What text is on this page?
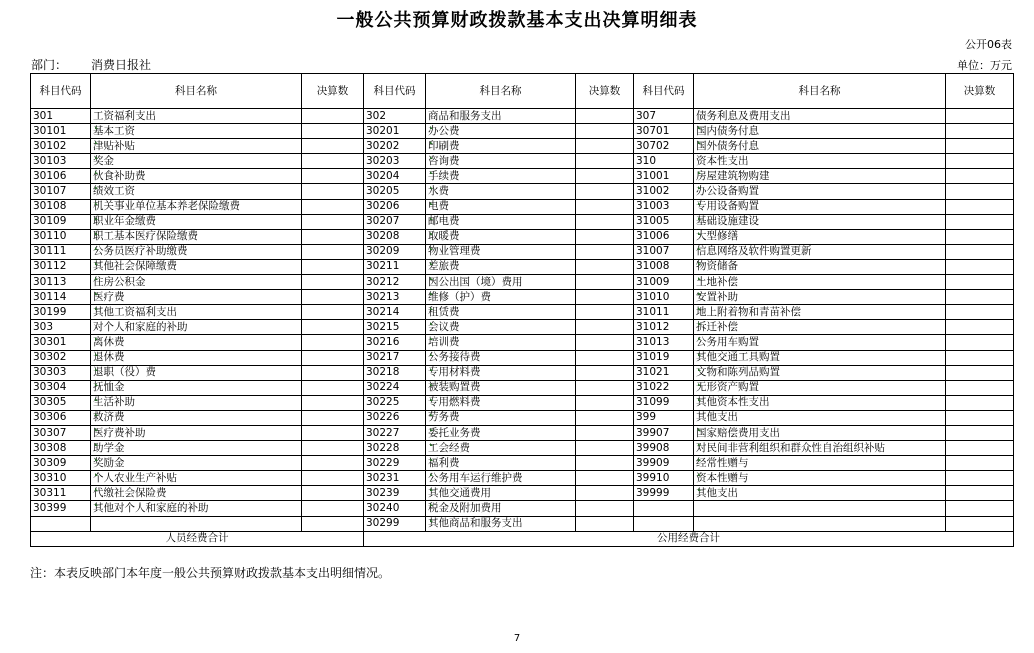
一般公共预算财政拨款基本支出决算明细表
公开06表
部门： 消费日报社	单位：万元
科目代码	科目名称	决算数	科目代码	科目名称	决算数	科目代码	科目名称	决算数
301	工资福利支出		302	商品和服务支出		307	债务利息及费用支出	
30101	基本工资		30201	办公费		30701	国内债务付息	
30102	津贴补贴		30202	印刷费		30702	国外债务付息	
30103	奖金		30203	咨询费		310	资本性支出	
30106	伙食补助费		30204	手续费		31001	房屋建筑物购建	
30107	绩效工资		30205	水费		31002	办公设备购置	
30108	机关事业单位基本养老保险缴费		30206	电费		31003	专用设备购置	
30109	职业年金缴费		30207	邮电费		31005	基础设施建设	
30110	职工基本医疗保险缴费		30208	取暖费		31006	大型修缮	
30111	公务员医疗补助缴费		30209	物业管理费		31007	信息网络及软件购置更新	
30112	其他社会保障缴费		30211	差旅费		31008	物资储备	
30113	住房公积金		30212	因公出国（境）费用		31009	土地补偿	
30114	医疗费		30213	维修（护）费		31010	安置补助	
30199	其他工资福利支出		30214	租赁费		31011	地上附着物和青苗补偿	
303	对个人和家庭的补助		30215	会议费		31012	拆迁补偿	
30301	离休费		30216	培训费		31013	公务用车购置	
30302	退休费		30217	公务接待费		31019	其他交通工具购置	
30303	退职（役）费		30218	专用材料费		31021	文物和陈列品购置	
30304	抚恤金		30224	被装购置费		31022	无形资产购置	
30305	生活补助		30225	专用燃料费		31099	其他资本性支出	
30306	救济费		30226	劳务费		399	其他支出	
30307	医疗费补助		30227	委托业务费		39907	国家赔偿费用支出	
30308	助学金		30228	工会经费		39908	对民间非营利组织和群众性自治组织补贴	
30309	奖励金		30229	福利费		39909	经常性赠与	
30310	个人农业生产补贴		30231	公务用车运行维护费		39910	资本性赠与	
30311	代缴社会保险费		30239	其他交通费用		39999	其他支出	
30399	其他对个人和家庭的补助		30240	税金及附加费用				
			30299	其他商品和服务支出				
人员经费合计			公用经费合计					
注：本表反映部门本年度一般公共预算财政拨款基本支出明细情况。
7
